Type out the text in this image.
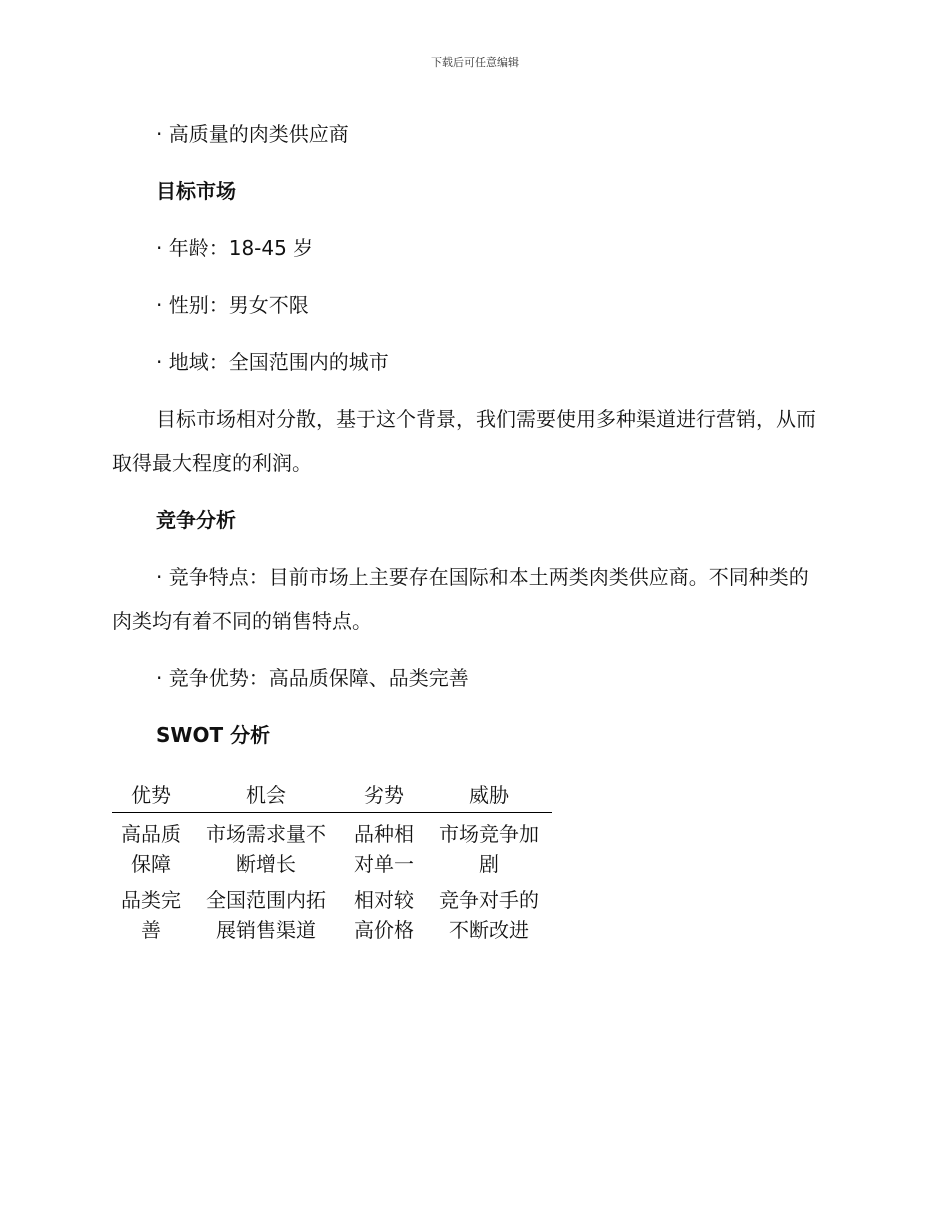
下载后可任意编辑

· 高质量的肉类供应商

目标市场

· 年龄：18-45 岁

· 性别：男女不限

· 地域：全国范围内的城市

目标市场相对分散，基于这个背景，我们需要使用多种渠道进行营销，从而取得最大程度的利润。

竞争分析

· 竞争特点：目前市场上主要存在国际和本土两类肉类供应商。不同种类的肉类均有着不同的销售特点。

· 竞争优势：高品质保障、品类完善

SWOT 分析

优势	机会	劣势	威胁
高品质保障	市场需求量不断增长	品种相对单一	市场竞争加剧
品类完善	全国范围内拓展销售渠道	相对较高价格	竞争对手的不断改进
